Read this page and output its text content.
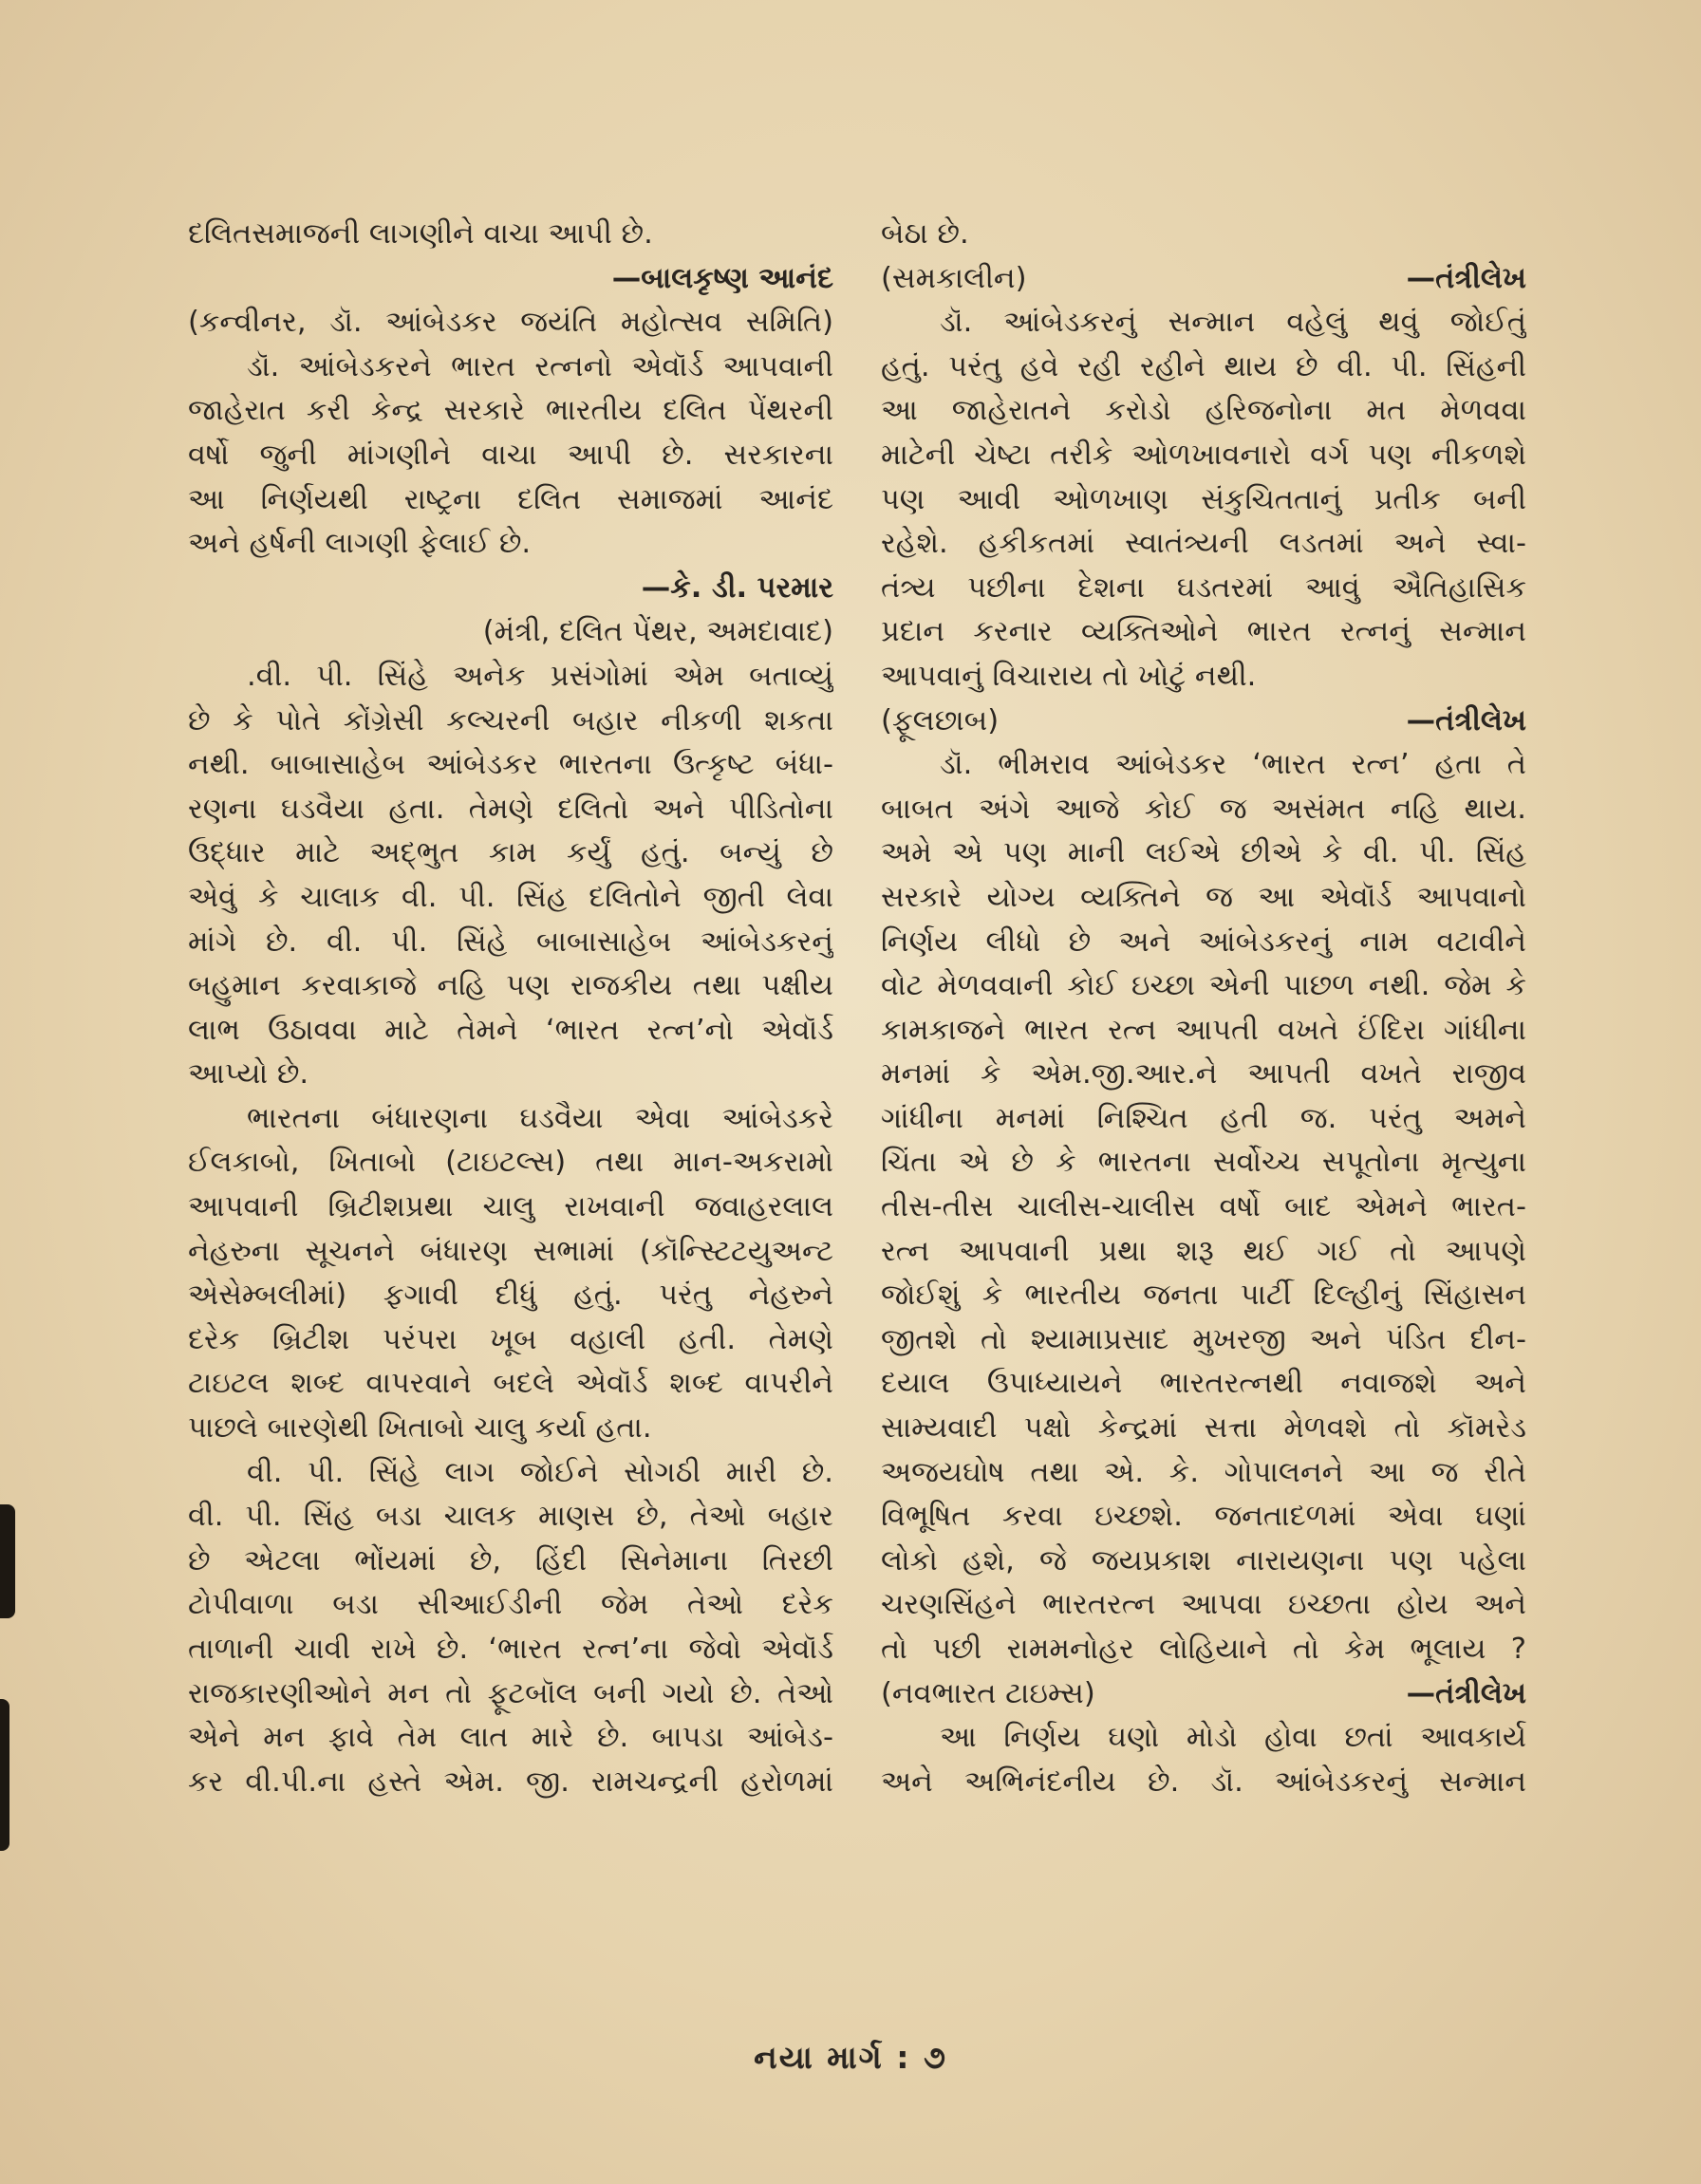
દલિતસમાજની લાગણીને વાચા આપી છે.
—બાલકૃષ્ણ આનંદ
(કન્વીનર, ડૉ. આંબેડકર જયંતિ મહોત્સવ સમિતિ)
ડૉ. આંબેડકરને ભારત રત્નનો એવૉર્ડ આપવાની
જાહેરાત કરી કેન્દ્ર સરકારે ભારતીય દલિત પેંથરની
વર્ષો જુની માંગણીને વાચા આપી છે. સરકારના
આ નિર્ણયથી રાષ્ટ્રના દલિત સમાજમાં આનંદ
અને હર્ષની લાગણી ફેલાઈ છે.
—કે. ડી. પરમાર
(મંત્રી, દલિત પેંથર, અમદાવાદ)
.વી. પી. સિંહે અનેક પ્રસંગોમાં એમ બતાવ્યું
છે કે પોતે કોંગ્રેસી કલ્ચરની બહાર નીકળી શકતા
નથી. બાબાસાહેબ આંબેડકર ભારતના ઉત્કૃષ્ટ બંધા-
રણના ઘડવૈયા હતા. તેમણે દલિતો અને પીડિતોના
ઉદ્ધાર માટે અદ્ભુત કામ કર્યું હતું. બન્યું છે
એવું કે ચાલાક વી. પી. સિંહ દલિતોને જીતી લેવા
માંગે છે. વી. પી. સિંહે બાબાસાહેબ આંબેડકરનું
બહુમાન કરવાકાજે નહિ પણ રાજકીય તથા પક્ષીય
લાભ ઉઠાવવા માટે તેમને ‘ભારત રત્ન’નો એવૉર્ડ
આપ્યો છે.
ભારતના બંધારણના ઘડવૈયા એવા આંબેડકરે
ઈલકાબો, ખિતાબો (ટાઇટલ્સ) તથા માન-અકરામો
આપવાની બ્રિટીશપ્રથા ચાલુ રાખવાની જવાહરલાલ
નેહરુના સૂચનને બંધારણ સભામાં (કૉન્સ્ટિટયુઅન્ટ
એસેમ્બલીમાં) ફગાવી દીધું હતું. પરંતુ નેહરુને
દરેક બ્રિટીશ પરંપરા ખૂબ વહાલી હતી. તેમણે
ટાઇટલ શબ્દ વાપરવાને બદલે એવૉર્ડ શબ્દ વાપરીને
પાછલે બારણેથી ખિતાબો ચાલુ કર્યા હતા.
વી. પી. સિંહે લાગ જોઈને સોગઠી મારી છે.
વી. પી. સિંહ બડા ચાલક માણસ છે, તેઓ બહાર
છે એટલા ભોંયમાં છે, હિંદી સિનેમાના તિરછી
ટોપીવાળા બડા સીઆઈડીની જેમ તેઓ દરેક
તાળાની ચાવી રાખે છે. ‘ભારત રત્ન’ના જેવો એવૉર્ડ
રાજકારણીઓને મન તો ફૂટબૉલ બની ગયો છે. તેઓ
એને મન ફાવે તેમ લાત મારે છે. બાપડા આંબેડ-
કર વી.પી.ના હસ્તે એમ. જી. રામચન્દ્રની હરોળમાં
બેઠા છે.
(સમકાલીન)	—તંત્રીલેખ
ડૉ. આંબેડકરનું સન્માન વહેલું થવું જોઈતું
હતું. પરંતુ હવે રહી રહીને થાય છે વી. પી. સિંહની
આ જાહેરાતને કરોડો હરિજનોના મત મેળવવા
માટેની ચેષ્ટા તરીકે ઓળખાવનારો વર્ગ પણ નીકળશે
પણ આવી ઓળખાણ સંકુચિતતાનું પ્રતીક બની
રહેશે. હકીકતમાં સ્વાતંત્ર્યની લડતમાં અને સ્વા-
તંત્ર્ય પછીના દેશના ઘડતરમાં આવું ઐતિહાસિક
પ્રદાન કરનાર વ્યક્તિઓને ભારત રત્નનું સન્માન
આપવાનું વિચારાય તો ખોટું નથી.
(ફૂલછાબ)	—તંત્રીલેખ
ડૉ. ભીમરાવ આંબેડકર ‘ભારત રત્ન’ હતા તે
બાબત અંગે આજે કોઈ જ અસંમત નહિ થાય.
અમે એ પણ માની લઈએ છીએ કે વી. પી. સિંહ
સરકારે યોગ્ય વ્યક્તિને જ આ એવૉર્ડ આપવાનો
નિર્ણય લીધો છે અને આંબેડકરનું નામ વટાવીને
વોટ મેળવવાની કોઈ ઇચ્છા એની પાછળ નથી. જેમ કે
કામકાજને ભારત રત્ન આપતી વખતે ઈંદિરા ગાંધીના
મનમાં કે એમ.જી.આર.ને આપતી વખતે રાજીવ
ગાંધીના મનમાં નિશ્ચિત હતી જ. પરંતુ અમને
ચિંતા એ છે કે ભારતના સર્વોચ્ચ સપૂતોના મૃત્યુના
તીસ-તીસ ચાલીસ-ચાલીસ વર્ષો બાદ એમને ભારત-
રત્ન આપવાની પ્રથા શરૂ થઈ ગઈ તો આપણે
જોઈશું કે ભારતીય જનતા પાર્ટી દિલ્હીનું સિંહાસન
જીતશે તો શ્યામાપ્રસાદ મુખરજી અને પંડિત દીન-
દયાલ ઉપાધ્યાયને ભારતરત્નથી નવાજશે અને
સામ્યવાદી પક્ષો કેન્દ્રમાં સત્તા મેળવશે તો કૉમરેડ
અજયઘોષ તથા એ. કે. ગોપાલનને આ જ રીતે
વિભૂષિત કરવા ઇચ્છશે. જનતાદળમાં એવા ઘણાં
લોકો હશે, જે જયપ્રકાશ નારાયણના પણ પહેલા
ચરણસિંહને ભારતરત્ન આપવા ઇચ્છતા હોય અને
તો પછી રામમનોહર લોહિયાને તો કેમ ભૂલાય ?
(નવભારત ટાઇમ્સ)	—તંત્રીલેખ
આ નિર્ણય ઘણો મોડો હોવા છતાં આવકાર્ય
અને અભિનંદનીય છે. ડૉ. આંબેડકરનું સન્માન
નયા માર્ગ : ૭
